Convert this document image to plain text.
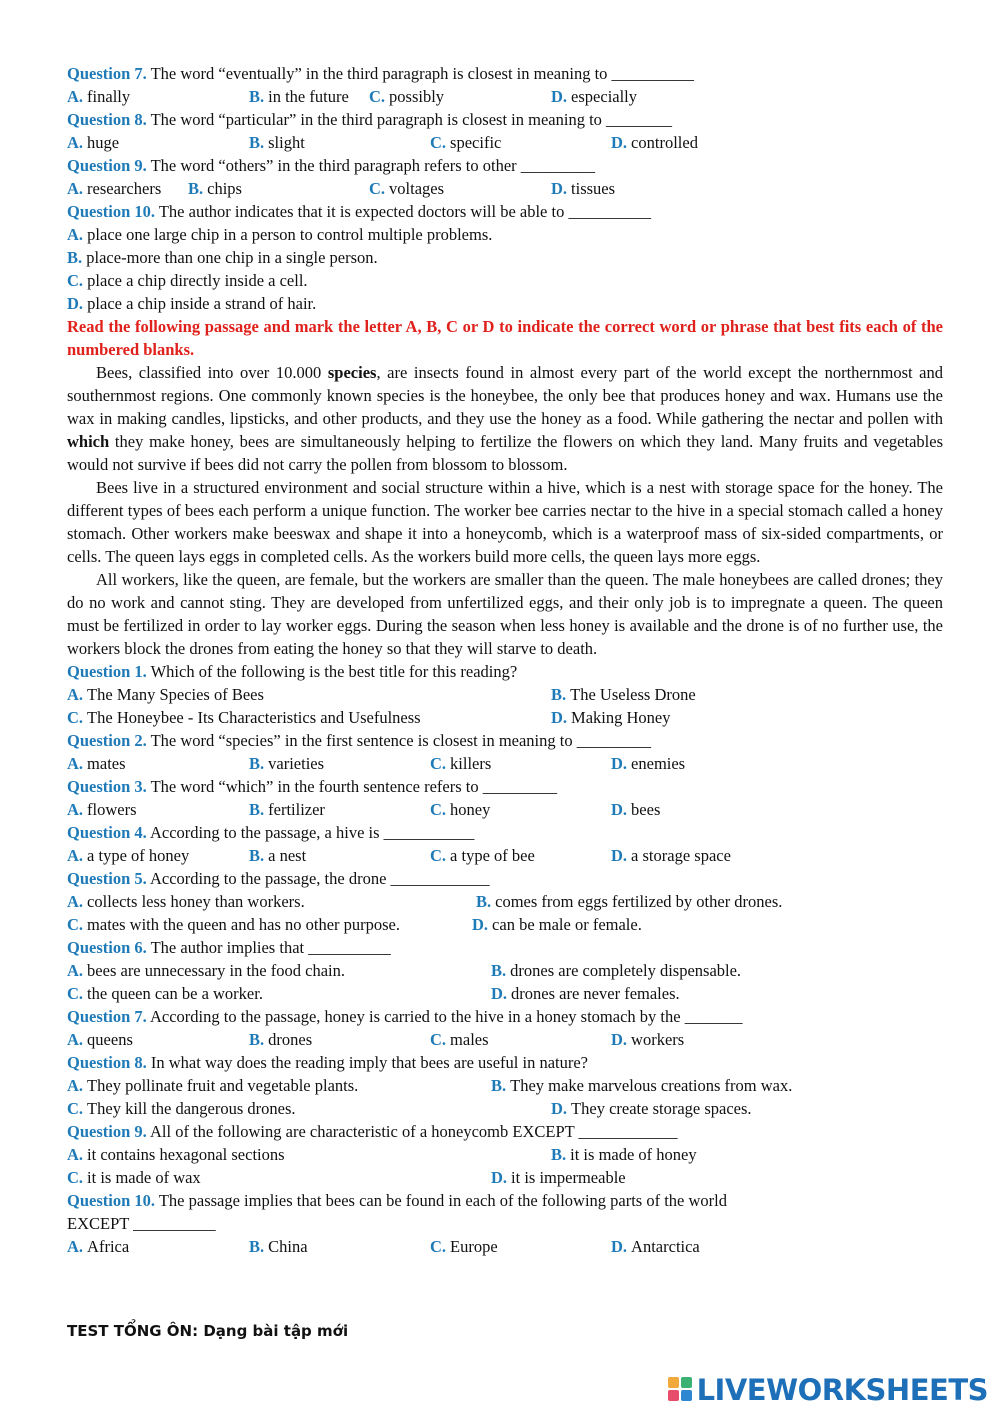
Question 7. The word “eventually” in the third paragraph is closest in meaning to __________
A. finally	B. in the future C. possibly	D. especially
Question 8. The word “particular” in the third paragraph is closest in meaning to ________
A. huge	B. slight	C. specific	D. controlled
Question 9. The word “others” in the third paragraph refers to other _________
A. researchers B. chips	C. voltages	D. tissues
Question 10. The author indicates that it is expected doctors will be able to __________
A. place one large chip in a person to control multiple problems.
B. place-more than one chip in a single person.
C. place a chip directly inside a cell.
D. place a chip inside a strand of hair.
Read the following passage and mark the letter A, B, C or D to indicate the correct word or phrase that best fits each of the numbered blanks.
Bees, classified into over 10.000 species, are insects found in almost every part of the world except the northernmost and southernmost regions. One commonly known species is the honeybee, the only bee that produces honey and wax. Humans use the wax in making candles, lipsticks, and other products, and they use the honey as a food. While gathering the nectar and pollen with which they make honey, bees are simultaneously helping to fertilize the flowers on which they land. Many fruits and vegetables would not survive if bees did not carry the pollen from blossom to blossom.
Bees live in a structured environment and social structure within a hive, which is a nest with storage space for the honey. The different types of bees each perform a unique function. The worker bee carries nectar to the hive in a special stomach called a honey stomach. Other workers make beeswax and shape it into a honeycomb, which is a waterproof mass of six-sided compartments, or cells. The queen lays eggs in completed cells. As the workers build more cells, the queen lays more eggs.
All workers, like the queen, are female, but the workers are smaller than the queen. The male honeybees are called drones; they do no work and cannot sting. They are developed from unfertilized eggs, and their only job is to impregnate a queen. The queen must be fertilized in order to lay worker eggs. During the season when less honey is available and the drone is of no further use, the workers block the drones from eating the honey so that they will starve to death.
Question 1. Which of the following is the best title for this reading?
A. The Many Species of Bees	B. The Useless Drone
C. The Honeybee - Its Characteristics and Usefulness	D. Making Honey
Question 2. The word “species” in the first sentence is closest in meaning to _________
A. mates	B. varieties	C. killers	D. enemies
Question 3. The word “which” in the fourth sentence refers to _________
A. flowers	B. fertilizer	C. honey	D. bees
Question 4. According to the passage, a hive is ___________
A. a type of honey	B. a nest	C. a type of bee	D. a storage space
Question 5. According to the passage, the drone ____________
A. collects less honey than workers.	B. comes from eggs fertilized by other drones.
C. mates with the queen and has no other purpose.	D. can be male or female.
Question 6. The author implies that __________
A. bees are unnecessary in the food chain.	B. drones are completely dispensable.
C. the queen can be a worker.	D. drones are never females.
Question 7. According to the passage, honey is carried to the hive in a honey stomach by the _______
A. queens	B. drones	C. males	D. workers
Question 8. In what way does the reading imply that bees are useful in nature?
A. They pollinate fruit and vegetable plants.	B. They make marvelous creations from wax.
C. They kill the dangerous drones.	D. They create storage spaces.
Question 9. All of the following are characteristic of a honeycomb EXCEPT ____________
A. it contains hexagonal sections	B. it is made of honey
C. it is made of wax	D. it is impermeable
Question 10. The passage implies that bees can be found in each of the following parts of the world
EXCEPT __________
A. Africa	B. China	C. Europe	D. Antarctica
TEST TỔNG ÔN: Dạng bài tập mới
LIVEWORKSHEETS
